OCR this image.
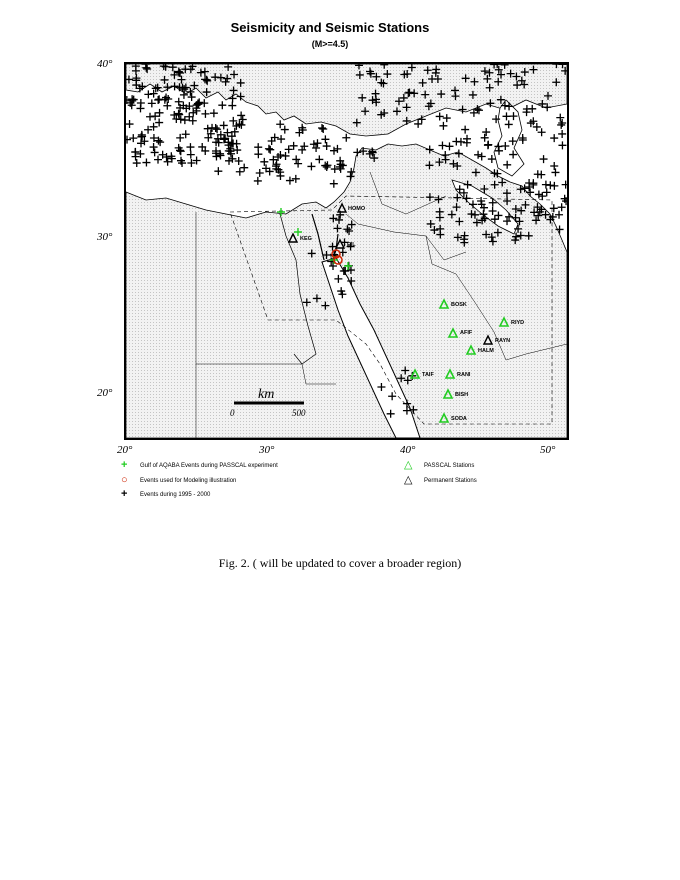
Seismicity and Seismic Stations
(M>=4.5)
40°
30°
20°
20°	30°	40°	50°
BOSK
AFIF
HALM
TAIF	RANI
BISH
SODA
RIYD
KEG
EIL
HOMO
RAYN
km
0	500
+ Gulf of AQABA Events during PASSCAL experiment
○ Events used for Modeling illustration
+ Events during 1995 - 2000
△ PASSCAL Stations
△ Permanent Stations
Fig. 2. ( will be updated to cover a broader region)
